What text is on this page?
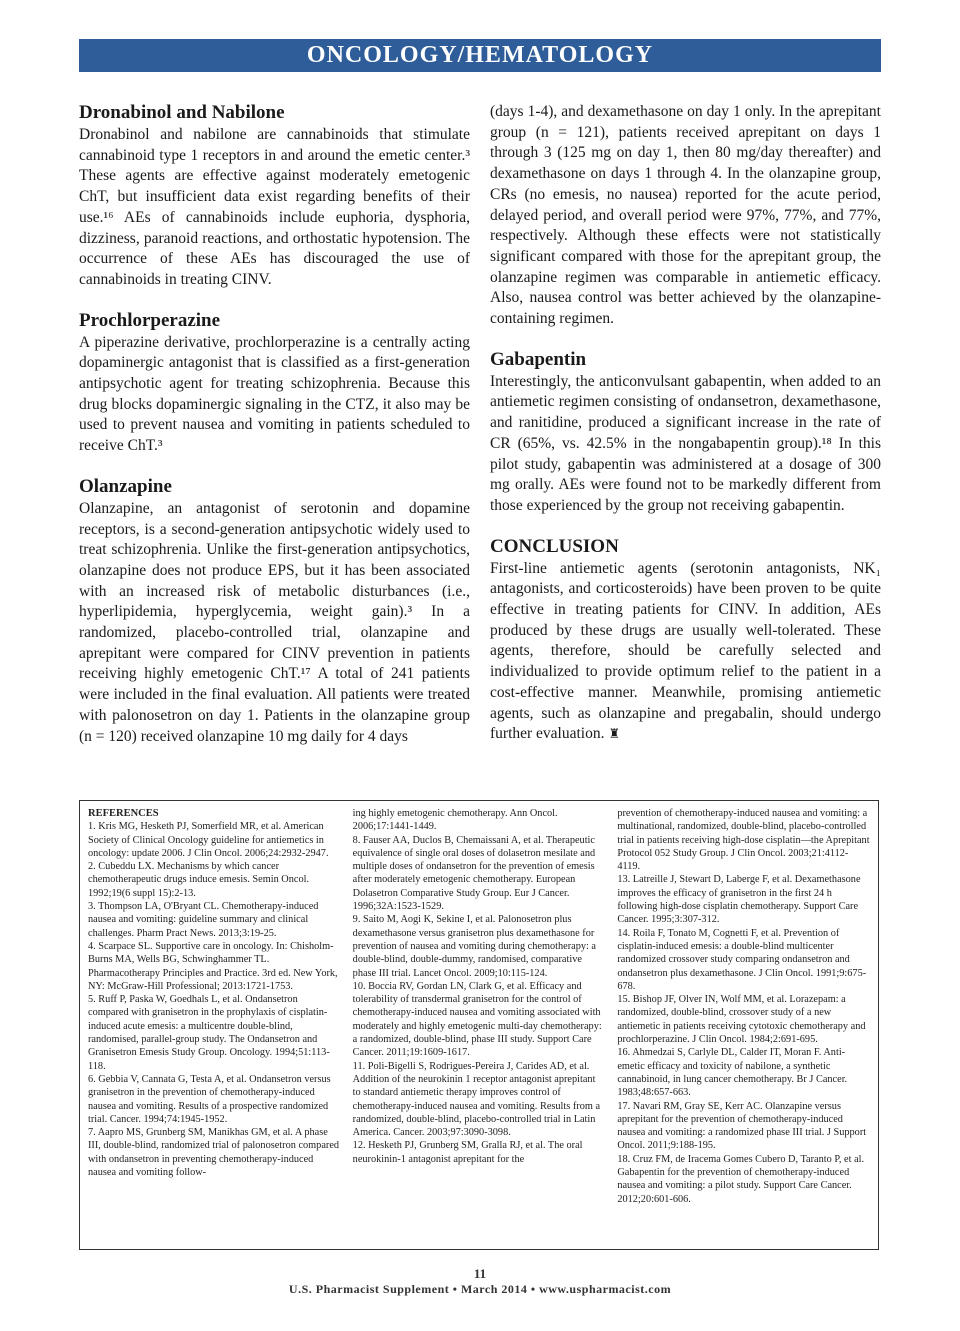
ONCOLOGY/HEMATOLOGY
Dronabinol and Nabilone

Dronabinol and nabilone are cannabinoids that stimulate cannabinoid type 1 receptors in and around the emetic center.³ These agents are effective against moderately emetogenic ChT, but insufficient data exist regarding benefits of their use.¹⁶ AEs of cannabinoids include euphoria, dysphoria, dizziness, paranoid reactions, and orthostatic hypotension. The occurrence of these AEs has discouraged the use of cannabinoids in treating CINV.

Prochlorperazine

A piperazine derivative, prochlorperazine is a centrally acting dopaminergic antagonist that is classified as a first-generation antipsychotic agent for treating schizophrenia. Because this drug blocks dopaminergic signaling in the CTZ, it also may be used to prevent nausea and vomiting in patients scheduled to receive ChT.³

Olanzapine

Olanzapine, an antagonist of serotonin and dopamine receptors, is a second-generation antipsychotic widely used to treat schizophrenia. Unlike the first-generation antipsychotics, olanzapine does not produce EPS, but it has been associated with an increased risk of metabolic disturbances (i.e., hyperlipidemia, hyperglycemia, weight gain).³ In a randomized, placebo-controlled trial, olanzapine and aprepitant were compared for CINV prevention in patients receiving highly emetogenic ChT.¹⁷ A total of 241 patients were included in the final evaluation. All patients were treated with palonosetron on day 1. Patients in the olanzapine group (n = 120) received olanzapine 10 mg daily for 4 days

(days 1-4), and dexamethasone on day 1 only. In the aprepitant group (n = 121), patients received aprepitant on days 1 through 3 (125 mg on day 1, then 80 mg/day thereafter) and dexamethasone on days 1 through 4. In the olanzapine group, CRs (no emesis, no nausea) reported for the acute period, delayed period, and overall period were 97%, 77%, and 77%, respectively. Although these effects were not statistically significant compared with those for the aprepitant group, the olanzapine regimen was comparable in antiemetic efficacy. Also, nausea control was better achieved by the olanzapine-containing regimen.

Gabapentin

Interestingly, the anticonvulsant gabapentin, when added to an antiemetic regimen consisting of ondansetron, dexamethasone, and ranitidine, produced a significant increase in the rate of CR (65%, vs. 42.5% in the nongabapentin group).¹⁸ In this pilot study, gabapentin was administered at a dosage of 300 mg orally. AEs were found not to be markedly different from those experienced by the group not receiving gabapentin.

CONCLUSION

First-line antiemetic agents (serotonin antagonists, NK₁ antagonists, and corticosteroids) have been proven to be quite effective in treating patients for CINV. In addition, AEs produced by these drugs are usually well-tolerated. These agents, therefore, should be carefully selected and individualized to provide optimum relief to the patient in a cost-effective manner. Meanwhile, promising antiemetic agents, such as olanzapine and pregabalin, should undergo further evaluation. ♜

REFERENCES
1. Kris MG, Hesketh PJ, Somerfield MR, et al. American Society of Clinical Oncology guideline for antiemetics in oncology: update 2006. J Clin Oncol. 2006;24:2932-2947.
2. Cubeddu LX. Mechanisms by which cancer chemotherapeutic drugs induce emesis. Semin Oncol. 1992;19(6 suppl 15):2-13.
3. Thompson LA, O'Bryant CL. Chemotherapy-induced nausea and vomiting: guideline summary and clinical challenges. Pharm Pract News. 2013;3:19-25.
4. Scarpace SL. Supportive care in oncology. In: Chisholm-Burns MA, Wells BG, Schwinghammer TL. Pharmacotherapy Principles and Practice. 3rd ed. New York, NY: McGraw-Hill Professional; 2013:1721-1753.
5. Ruff P, Paska W, Goedhals L, et al. Ondansetron compared with granisetron in the prophylaxis of cisplatin-induced acute emesis: a multicentre double-blind, randomised, parallel-group study. The Ondansetron and Granisetron Emesis Study Group. Oncology. 1994;51:113-118.
6. Gebbia V, Cannata G, Testa A, et al. Ondansetron versus granisetron in the prevention of chemotherapy-induced nausea and vomiting. Results of a prospective randomized trial. Cancer. 1994;74:1945-1952.
7. Aapro MS, Grunberg SM, Manikhas GM, et al. A phase III, double-blind, randomized trial of palonosetron compared with ondansetron in preventing chemotherapy-induced nausea and vomiting follow-
ing highly emetogenic chemotherapy. Ann Oncol. 2006;17:1441-1449.
8. Fauser AA, Duclos B, Chemaissani A, et al. Therapeutic equivalence of single oral doses of dolasetron mesilate and multiple doses of ondansetron for the prevention of emesis after moderately emetogenic chemotherapy. European Dolasetron Comparative Study Group. Eur J Cancer. 1996;32A:1523-1529.
9. Saito M, Aogi K, Sekine I, et al. Palonosetron plus dexamethasone versus granisetron plus dexamethasone for prevention of nausea and vomiting during chemotherapy: a double-blind, double-dummy, randomised, comparative phase III trial. Lancet Oncol. 2009;10:115-124.
10. Boccia RV, Gordan LN, Clark G, et al. Efficacy and tolerability of transdermal granisetron for the control of chemotherapy-induced nausea and vomiting associated with moderately and highly emetogenic multi-day chemotherapy: a randomized, double-blind, phase III study. Support Care Cancer. 2011;19:1609-1617.
11. Poli-Bigelli S, Rodrigues-Pereira J, Carides AD, et al. Addition of the neurokinin 1 receptor antagonist aprepitant to standard antiemetic therapy improves control of chemotherapy-induced nausea and vomiting. Results from a randomized, double-blind, placebo-controlled trial in Latin America. Cancer. 2003;97:3090-3098.
12. Hesketh PJ, Grunberg SM, Gralla RJ, et al. The oral neurokinin-1 antagonist aprepitant for the
prevention of chemotherapy-induced nausea and vomiting: a multinational, randomized, double-blind, placebo-controlled trial in patients receiving high-dose cisplatin—the Aprepitant Protocol 052 Study Group. J Clin Oncol. 2003;21:4112-4119.
13. Latreille J, Stewart D, Laberge F, et al. Dexamethasone improves the efficacy of granisetron in the first 24 h following high-dose cisplatin chemotherapy. Support Care Cancer. 1995;3:307-312.
14. Roila F, Tonato M, Cognetti F, et al. Prevention of cisplatin-induced emesis: a double-blind multicenter randomized crossover study comparing ondansetron and ondansetron plus dexamethasone. J Clin Oncol. 1991;9:675-678.
15. Bishop JF, Olver IN, Wolf MM, et al. Lorazepam: a randomized, double-blind, crossover study of a new antiemetic in patients receiving cytotoxic chemotherapy and prochlorperazine. J Clin Oncol. 1984;2:691-695.
16. Ahmedzai S, Carlyle DL, Calder IT, Moran F. Anti-emetic efficacy and toxicity of nabilone, a synthetic cannabinoid, in lung cancer chemotherapy. Br J Cancer. 1983;48:657-663.
17. Navari RM, Gray SE, Kerr AC. Olanzapine versus aprepitant for the prevention of chemotherapy-induced nausea and vomiting: a randomized phase III trial. J Support Oncol. 2011;9:188-195.
18. Cruz FM, de Iracema Gomes Cubero D, Taranto P, et al. Gabapentin for the prevention of chemotherapy-induced nausea and vomiting: a pilot study. Support Care Cancer. 2012;20:601-606.
11
U.S. Pharmacist Supplement • March 2014 • www.uspharmacist.com
